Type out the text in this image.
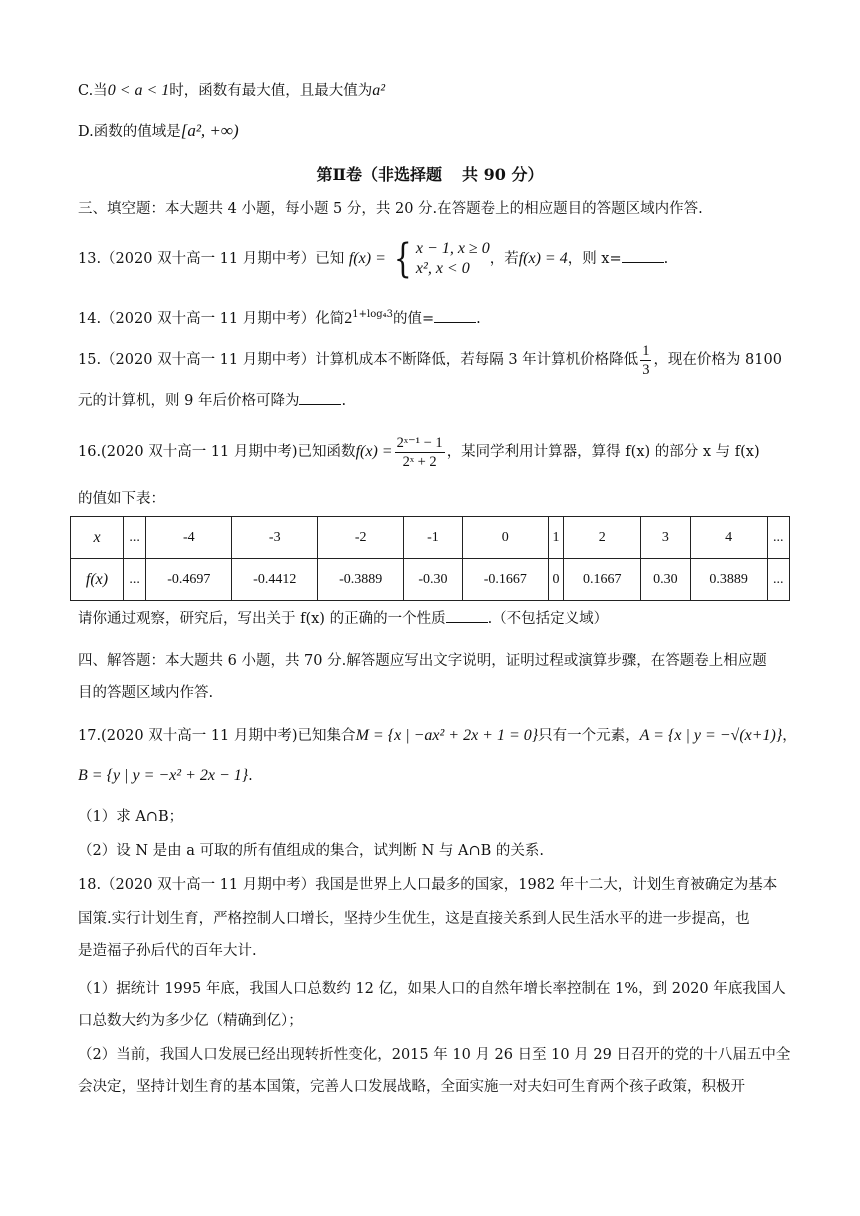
C.当0 < a < 1时，函数有最大值，且最大值为a²
D.函数的值域是[a², +∞)
第Ⅱ卷（非选择题 共 90 分）
三、填空题：本大题共 4 小题，每小题 5 分，共 20 分.在答题卷上的相应题目的答题区域内作答.
13.（2020 双十高一 11 月期中考）已知 f(x) = { x − 1, x ≥ 0
x², x < 0
，若f(x) = 4，则 x=	.
14.（2020 双十高一 11 月期中考）化简$2^{1+log_43}$的值=	.
15.（2020 双十高一 11 月期中考）计算机成本不断降低，若每隔 3 年计算机价格降低 $\frac{1}{3}$ ，现在价格为 8100
元的计算机，则 9 年后价格可降为	.
16.(2020 双十高一 11 月期中考)已知函数$f(x) = \frac{\text{2ˣ⁻¹ − 1}}{\text{2ˣ + 2}}$ ，某同学利用计算器，算得 f(x) 的部分 x 与 f(x)
的值如下表：
x	...	-4	-3	-2	-1	0	1	2	3	4	...
f(x)	...	-0.4697	-0.4412	-0.3889	-0.30	-0.1667	0	0.1667	0.30	0.3889	...
请你通过观察，研究后，写出关于 f(x) 的正确的一个性质	.（不包括定义域）
四、解答题：本大题共 6 小题，共 70 分.解答题应写出文字说明，证明过程或演算步骤，在答题卷上相应题
目的答题区域内作答.
17.(2020 双十高一 11 月期中考)已知集合M = {x | −ax² + 2x + 1 = 0}只有一个元素，A = {x | y = −√(x+1)}，
B = {y | y = −x² + 2x − 1}.
（1）求 A∩B；
（2）设 N 是由 a 可取的所有值组成的集合，试判断 N 与 A∩B 的关系.
18.（2020 双十高一 11 月期中考）我国是世界上人口最多的国家，1982 年十二大，计划生育被确定为基本
国策.实行计划生育，严格控制人口增长，坚持少生优生，这是直接关系到人民生活水平的进一步提高，也
是造福子孙后代的百年大计.
（1）据统计 1995 年底，我国人口总数约 12 亿，如果人口的自然年增长率控制在 1%，到 2020 年底我国人
口总数大约为多少亿（精确到亿）；
（2）当前，我国人口发展已经出现转折性变化，2015 年 10 月 26 日至 10 月 29 日召开的党的十八届五中全
会决定，坚持计划生育的基本国策，完善人口发展战略，全面实施一对夫妇可生育两个孩子政策，积极开
